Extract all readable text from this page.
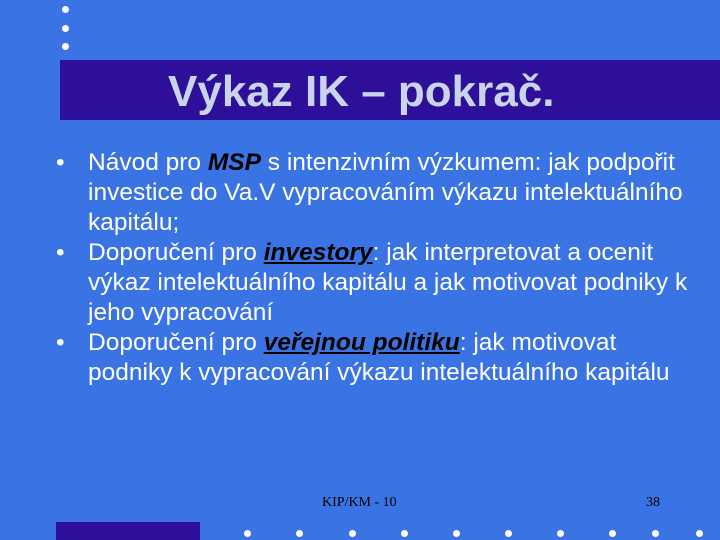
Výkaz IK – pokrač.
• Návod pro MSP s intenzivním výzkumem: jak podpořit investice do Va.V vypracováním výkazu intelektuálního kapitálu;
• Doporučení pro investory: jak interpretovat a ocenit výkaz intelektuálního kapitálu a jak motivovat podniky k jeho vypracování
• Doporučení pro veřejnou politiku: jak motivovat podniky k vypracování výkazu intelektuálního kapitálu
KIP/KM - 10	38
